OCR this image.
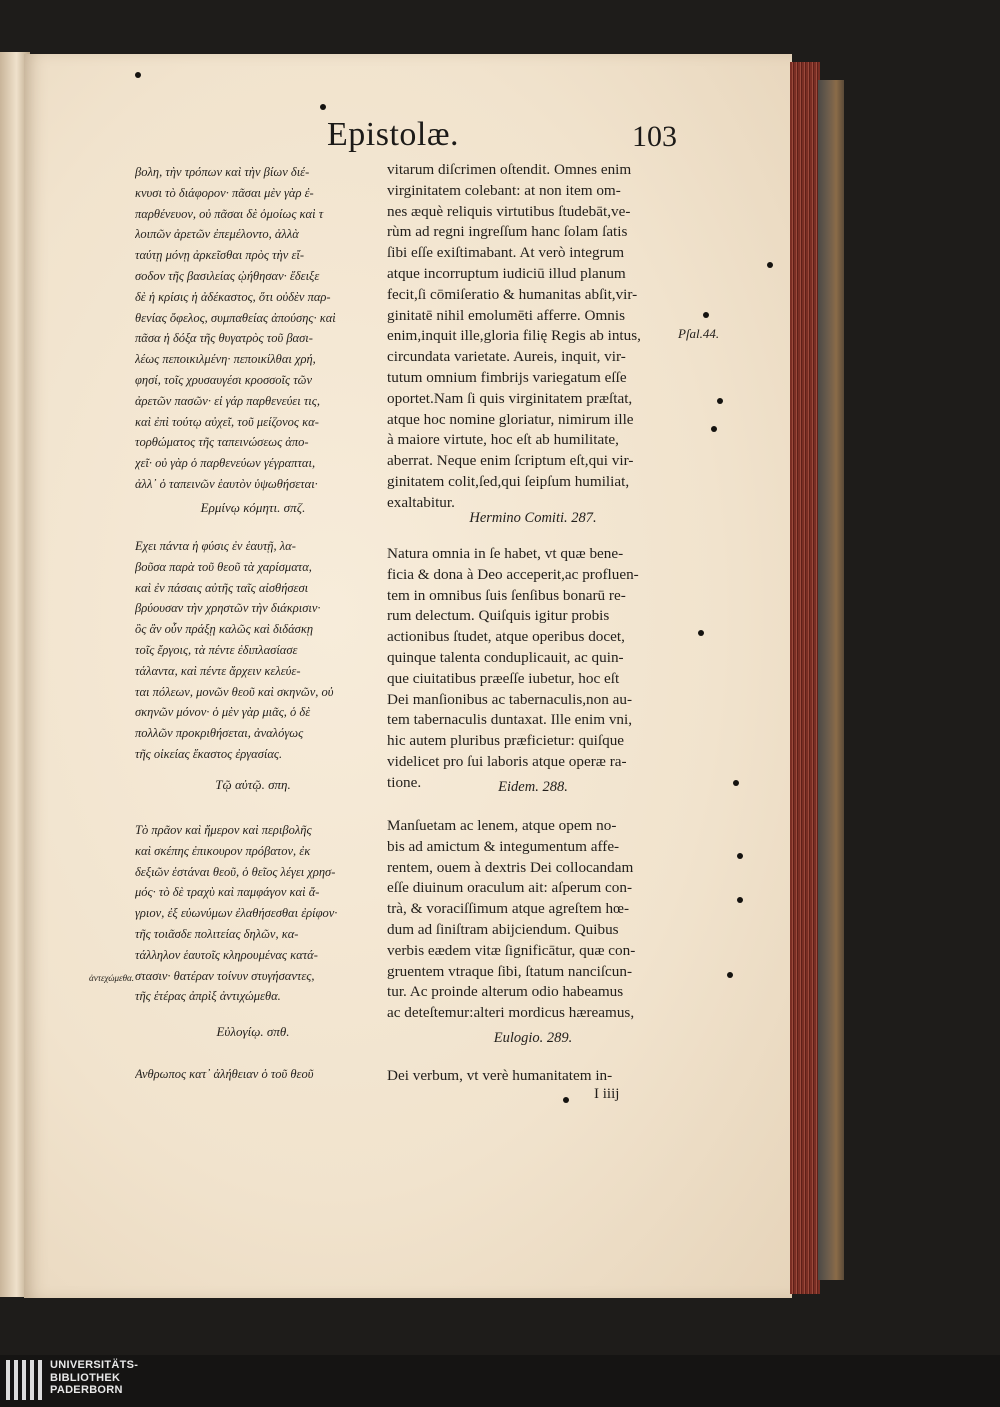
Epistolæ.	103
βολη, τὴν τρόπων καὶ τὴν βίων διέ-
κνυσι τὸ διάφορον· πᾶσαι μὲν γὰρ ἐ-
παρθένευον, οὐ πᾶσαι δὲ ὁμοίως καὶ τ
λοιπῶν ἀρετῶν ἐπεμέλοντο, ἀλλὰ
ταύτῃ μόνῃ ἀρκεῖσθαι πρὸς τὴν εἴ-
σοδον τῆς βασιλείας ᾠήθησαν· ἔδειξε
δὲ ἡ κρίσις ἡ ἀδέκαστος, ὅτι οὐδὲν παρ-
θενίας ὄφελος, συμπαθείας ἀπούσης· καὶ
πᾶσα ἡ δόξα τῆς θυγατρὸς τοῦ βασι-
λέως πεποικιλμένη· πεποικίλθαι χρή,
φησί, τοῖς χρυσαυγέσι κροσσοῖς τῶν
ἀρετῶν πασῶν· εἰ γάρ παρθενεύει τις,
καὶ ἐπὶ τούτῳ αὐχεῖ, τοῦ μείζονος κα-
τορθώματος τῆς ταπεινώσεως ἀπο-
χεῖ· οὐ γὰρ ὁ παρθενεύων γέγραπται,
ἀλλ᾽ ὁ ταπεινῶν ἑαυτὸν ὑψωθήσεται·
Ερμίνῳ κόμητι. σπζ.
Εχει πάντα ἡ φύσις ἐν ἑαυτῇ, λα-
βοῦσα παρὰ τοῦ θεοῦ τὰ χαρίσματα,
καὶ ἐν πάσαις αὐτῆς ταῖς αἰσθήσεσι
βρύουσαν τὴν χρηστῶν τὴν διάκρισιν·
ὃς ἂν οὖν πράξῃ καλῶς καὶ διδάσκῃ
τοῖς ἔργοις, τὰ πέντε ἐδιπλασίασε
τάλαντα, καὶ πέντε ἄρχειν κελεύε-
ται πόλεων, μονῶν θεοῦ καὶ σκηνῶν, οὐ
σκηνῶν μόνον· ὁ μὲν γὰρ μιᾶς, ὁ δὲ
πολλῶν προκριθήσεται, ἀναλόγως
τῆς οἰκείας ἕκαστος ἐργασίας.
Τῷ αὐτῷ. σπη.
Τὸ πρᾶον καὶ ἥμερον καὶ περιβολῆς
καὶ σκέπης ἐπικουρον πρόβατον, ἐκ
δεξιῶν ἑστάναι θεοῦ, ὁ θεῖος λέγει χρησ-
μός· τὸ δὲ τραχὺ καὶ παμφάγον καὶ ἄ-
γριον, ἐξ εὐωνύμων ἐλαθήσεσθαι ἐρίφον·
τῆς τοιᾶσδε πολιτείας δηλῶν, κα-
τάλληλον ἑαυτοῖς κληρουμένας κατά-
στασιν· θατέραν τοίνυν στυγήσαντες,
τῆς ἑτέρας ἀπρὶξ ἀντιχώμεθα.
ἀντεχώμεθα.
Εὐλογίῳ. σπθ.
Ανθρωπος κατ᾽ ἀλήθειαν ὁ τοῦ θεοῦ
vitarum diſcrimen oſtendit. Omnes enim
virginitatem colebant: at non item om-
nes æquè reliquis virtutibus ſtudebāt,ve-
rùm ad regni ingreſſum hanc ſolam ſatis
ſibi eſſe exiſtimabant. At verò integrum
atque incorruptum iudiciū illud planum
fecit,ſi cōmiſeratio & humanitas abſit,vir-
ginitatē nihil emolumēti afferre. Omnis
enim,inquit ille,gloria filię Regis ab intus,
circundata varietate. Aureis, inquit, vir-
tutum omnium fimbrijs variegatum eſſe
oportet.Nam ſi quis virginitatem præſtat,
atque hoc nomine gloriatur, nimirum ille
à maiore virtute, hoc eſt ab humilitate,
aberrat. Neque enim ſcriptum eſt,qui vir-
ginitatem colit,ſed,qui ſeipſum humiliat,
exaltabitur.
Pſal.44.
Hermino Comiti. 287.
Natura omnia in ſe habet, vt quæ bene-
ficia & dona à Deo acceperit,ac profluen-
tem in omnibus ſuis ſenſibus bonarū re-
rum delectum. Quiſquis igitur probis
actionibus ſtudet, atque operibus docet,
quinque talenta conduplicauit, ac quin-
que ciuitatibus præeſſe iubetur, hoc eſt
Dei manſionibus ac tabernaculis,non au-
tem tabernaculis duntaxat. Ille enim vni,
hic autem pluribus præficietur: quiſque
videlicet pro ſui laboris atque operæ ra-
tione.	Eidem. 288.
Manſuetam ac lenem, atque opem no-
bis ad amictum & integumentum affe-
rentem, ouem à dextris Dei collocandam
eſſe diuinum oraculum ait: aſperum con-
trà, & voraciſſimum atque agreſtem hœ-
dum ad ſiniſtram abijciendum. Quibus
verbis eædem vitæ ſignificātur, quæ con-
gruentem vtraque ſibi, ſtatum nanciſcun-
tur. Ac proinde alterum odio habeamus
ac deteſtemur:alteri mordicus hæreamus,
Eulogio. 289.
Dei verbum, vt verè humanitatem in-
I iiij
UNIVERSITÄTS-
BIBLIOTHEK
PADERBORN
